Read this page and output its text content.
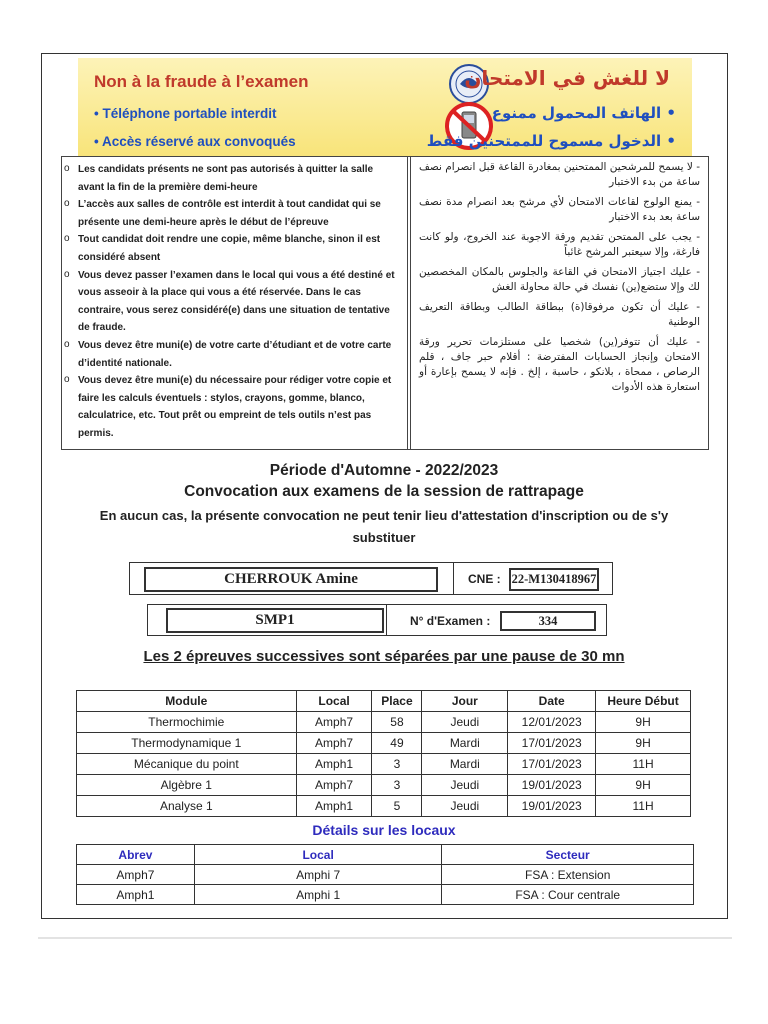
Non à la fraude à l’examen
• Téléphone portable interdit
• Accès réservé aux convoqués
لا للغش في الامتحان
• الهاتف المحمول ممنوع
• الدخول مسموح للممتحنين فقط
o Les candidats présents ne sont pas autorisés à quitter la salle avant la fin de la première demi-heure
o L’accès aux salles de contrôle est interdit à tout candidat qui se présente une demi-heure après le début de l’épreuve
o Tout candidat doit rendre une copie, même blanche, sinon il est considéré absent
o Vous devez passer l’examen dans le local qui vous a été destiné et vous asseoir à la place qui vous a été réservée. Dans le cas contraire, vous serez considéré(e) dans une situation de tentative de fraude.
o Vous devez être muni(e) de votre carte d’étudiant et de votre carte d’identité nationale.
o Vous devez être muni(e) du nécessaire pour rédiger votre copie et faire les calculs éventuels : stylos, crayons, gomme, blanco, calculatrice, etc. Tout prêt ou empreint de tels outils n’est pas permis.
- لا يسمح للمرشحين الممتحنين بمغادرة القاعة قبل انصرام نصف ساعة من بدء الاختبار
- يمنع الولوج لقاعات الامتحان لأي مرشح بعد انصرام مدة نصف ساعة بعد بدء الاختبار
- يجب على الممتحن تقديم ورقة الاجوبة عند الخروج، ولو كانت فارغة، وإلا سيعتبر المرشح غائباً
- عليك اجتياز الامتحان في القاعة والجلوس بالمكان المخصصين لك وإلا ستضع(ين) نفسك في حالة محاولة الغش
- عليك أن تكون مرفوقا(ة) ببطاقة الطالب وبطاقة التعريف الوطنية
- عليك أن تتوفر(ين) شخصيا على مستلزمات تحرير ورقة الامتحان وإنجاز الحسابات المفترضة : أقلام حبر جاف ، قلم الرصاص ، ممحاة ، بلانكو ، حاسبة ، إلخ . فإنه لا يسمح بإعارة أو استعارة هذه الأدوات
Période d'Automne - 2022/2023
Convocation aux examens de la session de rattrapage
En aucun cas, la présente convocation ne peut tenir lieu d'attestation d'inscription ou de s'y substituer
CHERROUK Amine	CNE : 22-M130418967
SMP1	N° d'Examen :	334
Les 2 épreuves successives sont séparées par une pause de 30 mn
Module	Local	Place	Jour	Date	Heure Début
Thermochimie	Amph7	58	Jeudi	12/01/2023	9H
Thermodynamique 1	Amph7	49	Mardi	17/01/2023	9H
Mécanique du point	Amph1	3	Mardi	17/01/2023	11H
Algèbre 1	Amph7	3	Jeudi	19/01/2023	9H
Analyse 1	Amph1	5	Jeudi	19/01/2023	11H
Détails sur les locaux
Abrev	Local	Secteur
Amph7	Amphi 7	FSA : Extension
Amph1	Amphi 1	FSA : Cour centrale
